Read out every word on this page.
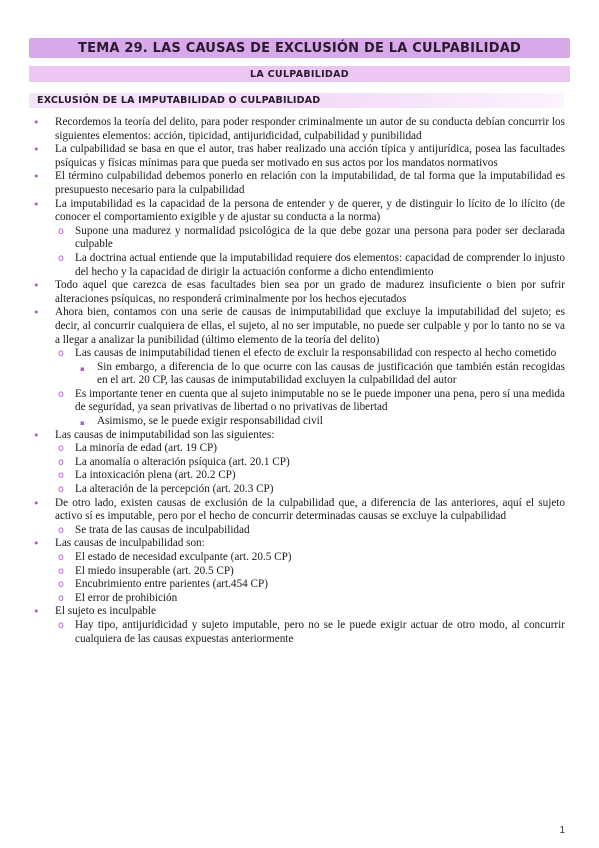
TEMA 29. LAS CAUSAS DE EXCLUSIÓN DE LA CULPABILIDAD
LA CULPABILIDAD
EXCLUSIÓN DE LA IMPUTABILIDAD O CULPABILIDAD
• Recordemos la teoría del delito, para poder responder criminalmente un autor de su conducta debían concurrir los siguientes elementos: acción, tipicidad, antijuridicidad, culpabilidad y punibilidad
• La culpabilidad se basa en que el autor, tras haber realizado una acción típica y antijurídica, posea las facultades psíquicas y físicas mínimas para que pueda ser motivado en sus actos por los mandatos normativos
• El término culpabilidad debemos ponerlo en relación con la imputabilidad, de tal forma que la imputabilidad es presupuesto necesario para la culpabilidad
• La imputabilidad es la capacidad de la persona de entender y de querer, y de distinguir lo lícito de lo ilícito (de conocer el comportamiento exigible y de ajustar su conducta a la norma)
o Supone una madurez y normalidad psicológica de la que debe gozar una persona para poder ser declarada culpable
o La doctrina actual entiende que la imputabilidad requiere dos elementos: capacidad de comprender lo injusto del hecho y la capacidad de dirigir la actuación conforme a dicho entendimiento
• Todo aquel que carezca de esas facultades bien sea por un grado de madurez insuficiente o bien por sufrir alteraciones psíquicas, no responderá criminalmente por los hechos ejecutados
• Ahora bien, contamos con una serie de causas de inimputabilidad que excluye la imputabilidad del sujeto; es decir, al concurrir cualquiera de ellas, el sujeto, al no ser imputable, no puede ser culpable y por lo tanto no se va a llegar a analizar la punibilidad (último elemento de la teoría del delito)
o Las causas de inimputabilidad tienen el efecto de excluir la responsabilidad con respecto al hecho cometido
▪ Sin embargo, a diferencia de lo que ocurre con las causas de justificación que también están recogidas en el art. 20 CP, las causas de inimputabilidad excluyen la culpabilidad del autor
o Es importante tener en cuenta que al sujeto inimputable no se le puede imponer una pena, pero sí una medida de seguridad, ya sean privativas de libertad o no privativas de libertad
▪ Asimismo, se le puede exigir responsabilidad civil
• Las causas de inimputabilidad son las siguientes:
o La minoría de edad (art. 19 CP)
o La anomalía o alteración psíquica (art. 20.1 CP)
o La intoxicación plena (art. 20.2 CP)
o La alteración de la percepción (art. 20.3 CP)
• De otro lado, existen causas de exclusión de la culpabilidad que, a diferencia de las anteriores, aquí el sujeto activo sí es imputable, pero por el hecho de concurrir determinadas causas se excluye la culpabilidad
o Se trata de las causas de inculpabilidad
• Las causas de inculpabilidad son:
o El estado de necesidad exculpante (art. 20.5 CP)
o El miedo insuperable (art. 20.5 CP)
o Encubrimiento entre parientes (art.454 CP)
o El error de prohibición
• El sujeto es inculpable
o Hay tipo, antijuridicidad y sujeto imputable, pero no se le puede exigir actuar de otro modo, al concurrir cualquiera de las causas expuestas anteriormente
1
